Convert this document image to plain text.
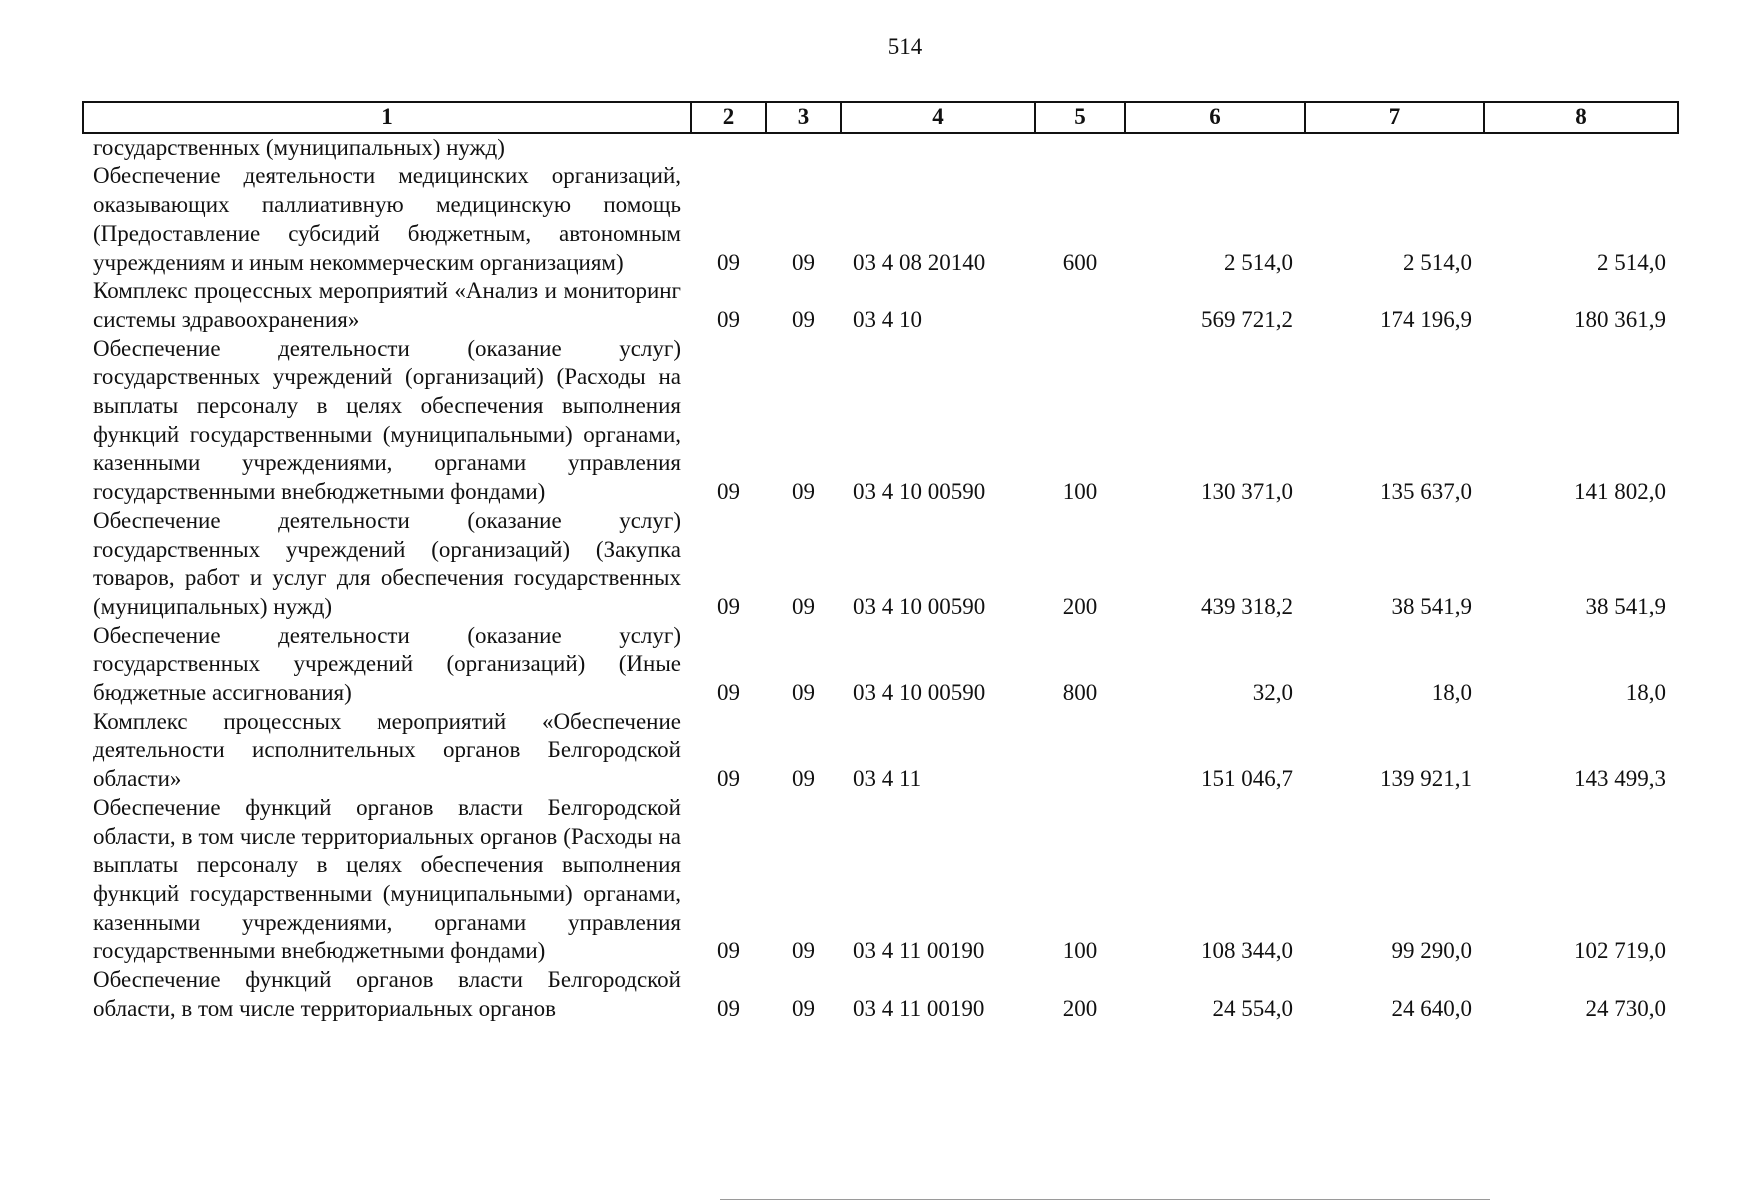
514
1	2	3	4	5	6	7	8
государственных (муниципальных) нужд)							
Обеспечение деятельности медицинских организаций, оказывающих паллиативную медицинскую помощь (Предоставление субсидий бюджетным, автономным учреждениям и иным некоммерческим организациям)	09	09	03 4 08 20140	600	2 514,0	2 514,0	2 514,0
Комплекс процессных мероприятий «Анализ и мониторинг системы здравоохранения»	09	09	03 4 10		569 721,2	174 196,9	180 361,9
Обеспечение деятельности (оказание услуг) государственных учреждений (организаций) (Расходы на выплаты персоналу в целях обеспечения выполнения функций государственными (муниципальными) органами, казенными учреждениями, органами управления государственными внебюджетными фондами)	09	09	03 4 10 00590	100	130 371,0	135 637,0	141 802,0
Обеспечение деятельности (оказание услуг) государственных учреждений (организаций) (Закупка товаров, работ и услуг для обеспечения государственных (муниципальных) нужд)	09	09	03 4 10 00590	200	439 318,2	38 541,9	38 541,9
Обеспечение деятельности (оказание услуг) государственных учреждений (организаций) (Иные бюджетные ассигнования)	09	09	03 4 10 00590	800	32,0	18,0	18,0
Комплекс процессных мероприятий «Обеспечение деятельности исполнительных органов Белгородской области»	09	09	03 4 11		151 046,7	139 921,1	143 499,3
Обеспечение функций органов власти Белгородской области, в том числе территориальных органов (Расходы на выплаты персоналу в целях обеспечения выполнения функций государственными (муниципальными) органами, казенными учреждениями, органами управления государственными внебюджетными фондами)	09	09	03 4 11 00190	100	108 344,0	99 290,0	102 719,0
Обеспечение функций органов власти Белгородской области, в том числе территориальных органов	09	09	03 4 11 00190	200	24 554,0	24 640,0	24 730,0
